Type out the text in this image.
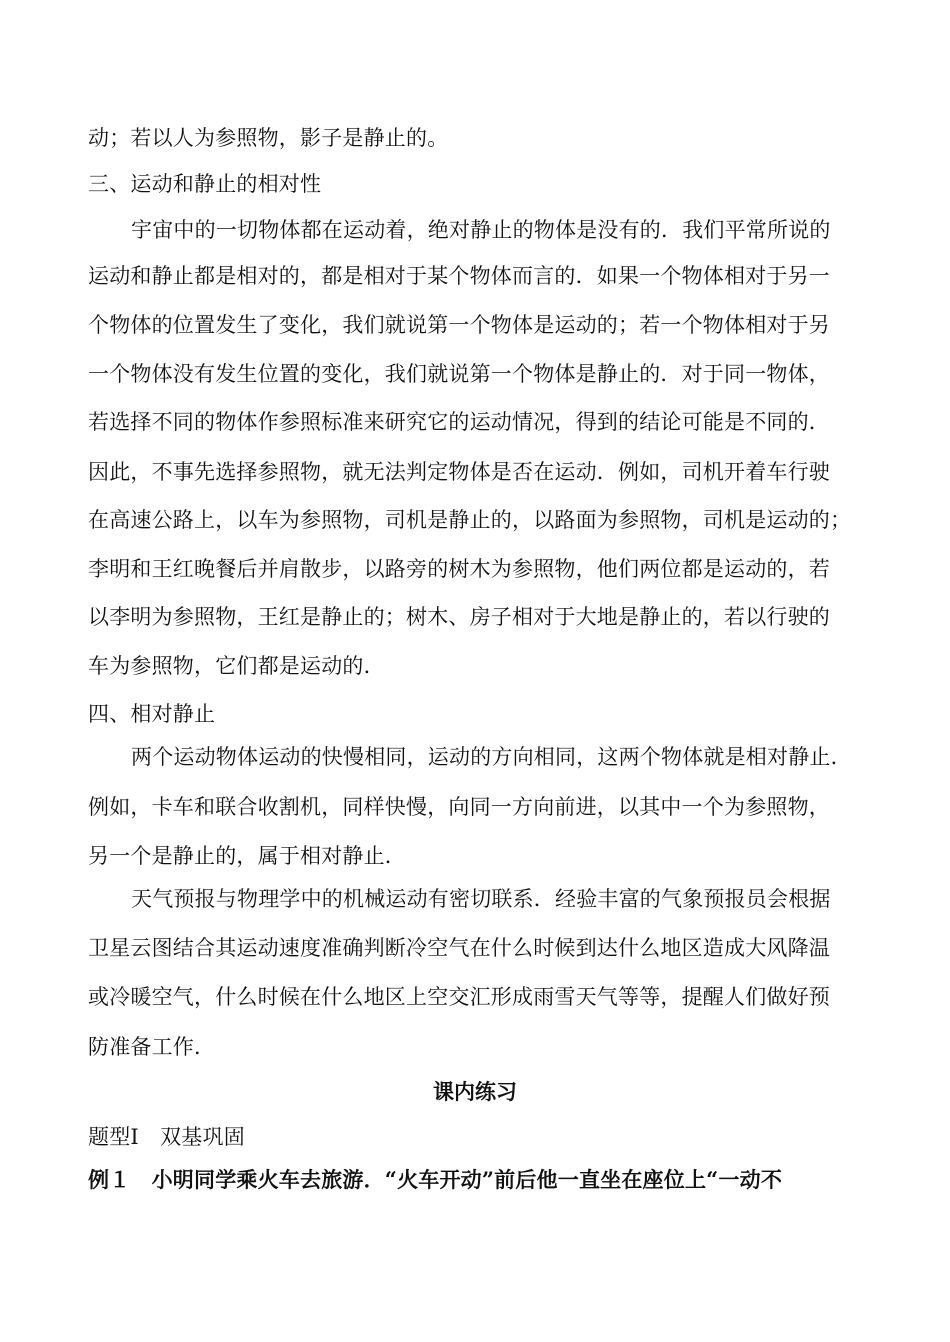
动；若以人为参照物，影子是静止的。
三、运动和静止的相对性
宇宙中的一切物体都在运动着，绝对静止的物体是没有的．我们平常所说的
运动和静止都是相对的，都是相对于某个物体而言的．如果一个物体相对于另一
个物体的位置发生了变化，我们就说第一个物体是运动的；若一个物体相对于另
一个物体没有发生位置的变化，我们就说第一个物体是静止的．对于同一物体，
若选择不同的物体作参照标准来研究它的运动情况，得到的结论可能是不同的．
因此，不事先选择参照物，就无法判定物体是否在运动．例如，司机开着车行驶
在高速公路上，以车为参照物，司机是静止的，以路面为参照物，司机是运动的；
李明和王红晚餐后并肩散步，以路旁的树木为参照物，他们两位都是运动的，若
以李明为参照物，王红是静止的；树木、房子相对于大地是静止的，若以行驶的
车为参照物，它们都是运动的．
四、相对静止
两个运动物体运动的快慢相同，运动的方向相同，这两个物体就是相对静止．
例如，卡车和联合收割机，同样快慢，向同一方向前进，以其中一个为参照物，
另一个是静止的，属于相对静止．
天气预报与物理学中的机械运动有密切联系．经验丰富的气象预报员会根据
卫星云图结合其运动速度准确判断冷空气在什么时候到达什么地区造成大风降温
或冷暖空气，什么时候在什么地区上空交汇形成雨雪天气等等，提醒人们做好预
防准备工作．
课内练习
题型Ⅰ　双基巩固
例１　小明同学乘火车去旅游．“火车开动”前后他一直坐在座位上“一动不
